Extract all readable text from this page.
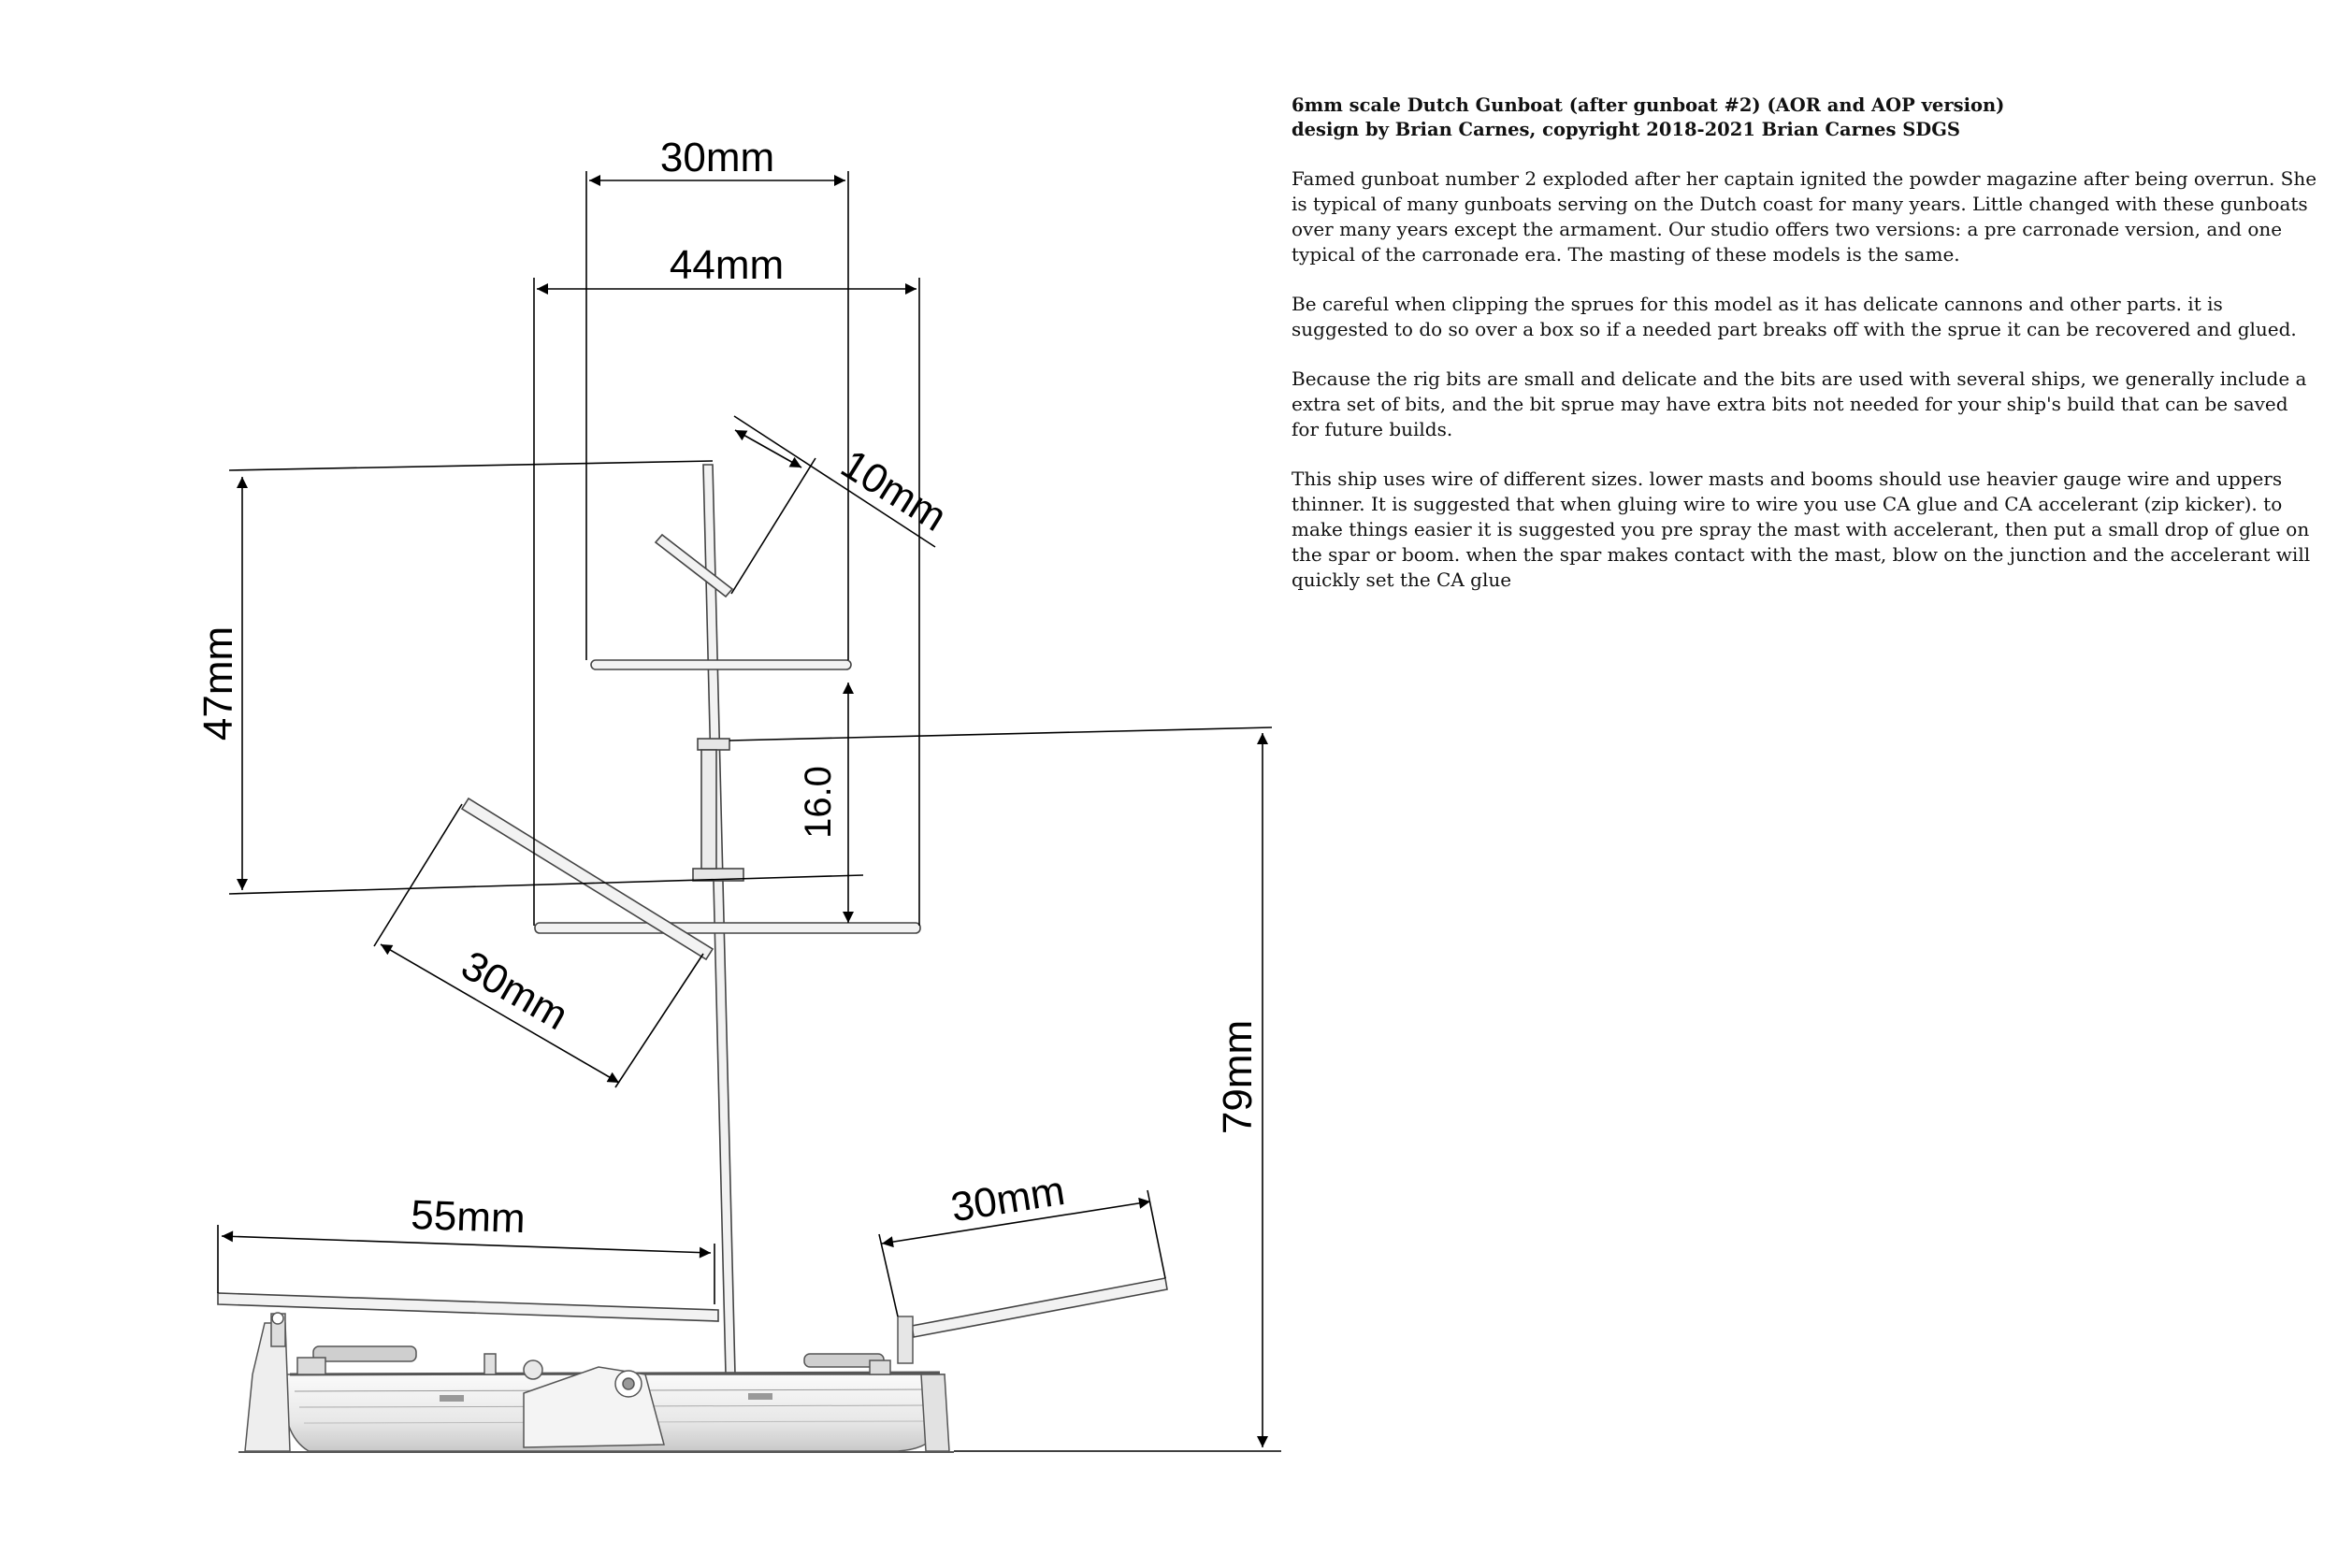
30mm
44mm
10mm
47mm
16.0
30mm
55mm	30mm
79mm

6mm scale Dutch Gunboat (after gunboat #2) (AOR and AOP version)
design by Brian Carnes, copyright 2018-2021 Brian Carnes SDGS

Famed gunboat number 2 exploded after her captain ignited the powder magazine after being overrun. She is typical of many gunboats serving on the Dutch coast for many years. Little changed with these gunboats over many years except the armament. Our studio offers two versions: a pre carronade version, and one typical of the carronade era. The masting of these models is the same.

Be careful when clipping the sprues for this model as it has delicate cannons and other parts. it is suggested to do so over a box so if a needed part breaks off with the sprue it can be recovered and glued.

Because the rig bits are small and delicate and the bits are used with several ships, we generally include a extra set of bits, and the bit sprue may have extra bits not needed for your ship's build that can be saved for future builds.

This ship uses wire of different sizes. lower masts and booms should use heavier gauge wire and uppers thinner. It is suggested that when gluing wire to wire you use CA glue and CA accelerant (zip kicker). to make things easier it is suggested you pre spray the mast with accelerant, then put a small drop of glue on the spar or boom. when the spar makes contact with the mast, blow on the junction and the accelerant will quickly set the CA glue
